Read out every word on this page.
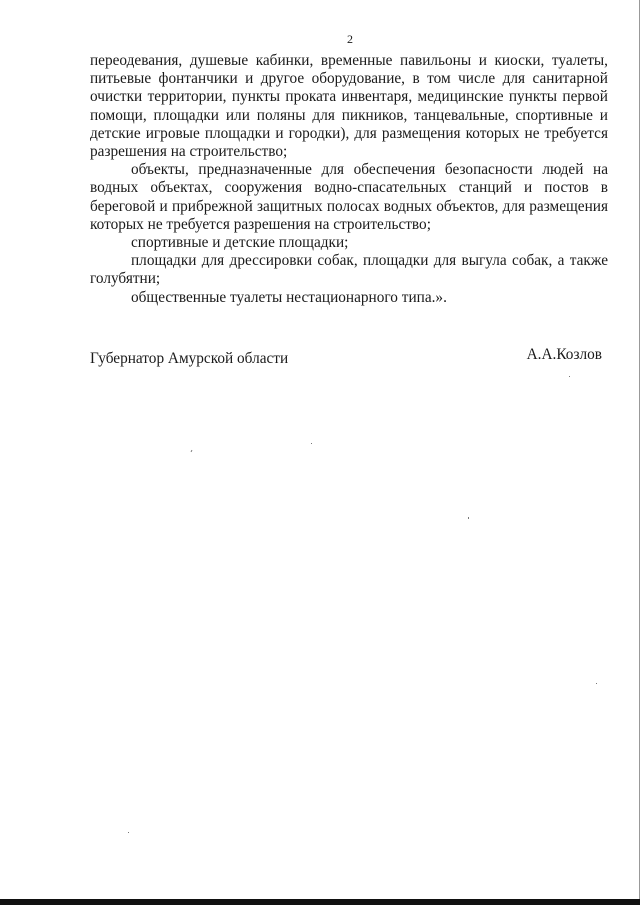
2

переодевания, душевые кабинки, временные павильоны и киоски, туалеты, питьевые фонтанчики и другое оборудование, в том числе для санитарной очистки территории, пункты проката инвентаря, медицинские пункты первой помощи, площадки или поляны для пикников, танцевальные, спортивные и детские игровые площадки и городки), для размещения которых не требуется разрешения на строительство;

объекты, предназначенные для обеспечения безопасности людей на водных объектах, сооружения водно-спасательных станций и постов в береговой и прибрежной защитных полосах водных объектов, для размещения которых не требуется разрешения на строительство;

спортивные и детские площадки;

площадки для дрессировки собак, площадки для выгула собак, а также голубятни;

общественные туалеты нестационарного типа.».

Губернатор Амурской области	А.А.Козлов
